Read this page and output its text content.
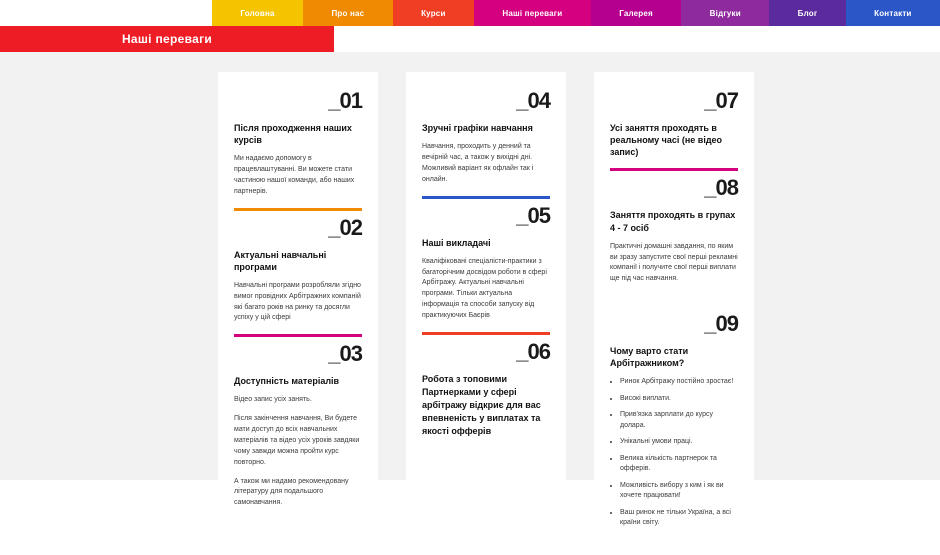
Головна	Про нас	Курси	Наші переваги	Галерея	Відгуки	Блог	Контакти
Наші переваги
_01
Після проходження наших курсів

Ми надаємо допомогу в працевлаштуванні. Ви можете стати частиною нашої команди, або наших партнерів.

_02
Актуальні навчальні програми

Навчальні програми розробляли згідно вимог провідних Арбітражних компаній які багато років на ринку та досягли успіху у цій сфері

_03
Доступність матеріалів

Відео запис усіх занять.

Після закінчення навчання, Ви будете мати доступ до всіх навчальних матеріалів та відео усіх уроків завдяки чому завжди можна пройти курс повторно.

А також ми надамо рекомендовану літературу для подальшого самонавчання.

_04
Зручні графіки навчання

Навчання, проходить у денний та вечірній час, а також у вихідні дні. Можливий варіант як офлайн так і онлайн.

_05
Наші викладачі

Кваліфіковані спеціалісти-практики з багаторічним досвідом роботи в сфері Арбітражу. Актуальні навчальні програми. Тільки актуальна інформація та способи запуску від практикуючих Баєрів

_06

Робота з топовими Партнерками у сфері арбітражу відкриє для вас впевненість у виплатах та якості офферів

_07
Усі заняття проходять в реальному часі (не відео запис)
_08
Заняття проходять в групах 4 - 7 осіб

Практичні домашні завдання, по яким ви зразу запустите свої перші рекламні компанії і получите свої перші виплати ще під час навчання.

_09
Чому варто стати Арбітражником?
• Ринок Арбітражу постійно зростає!
• Високі виплати.
• Прив'язка зарплати до курсу долара.
• Унікальні умови праці.
• Велика кількість партнерок та офферів.
• Можливість вибору з ким і як ви хочете працювати!
• Ваш ринок не тільки Україна, а всі країни світу.
